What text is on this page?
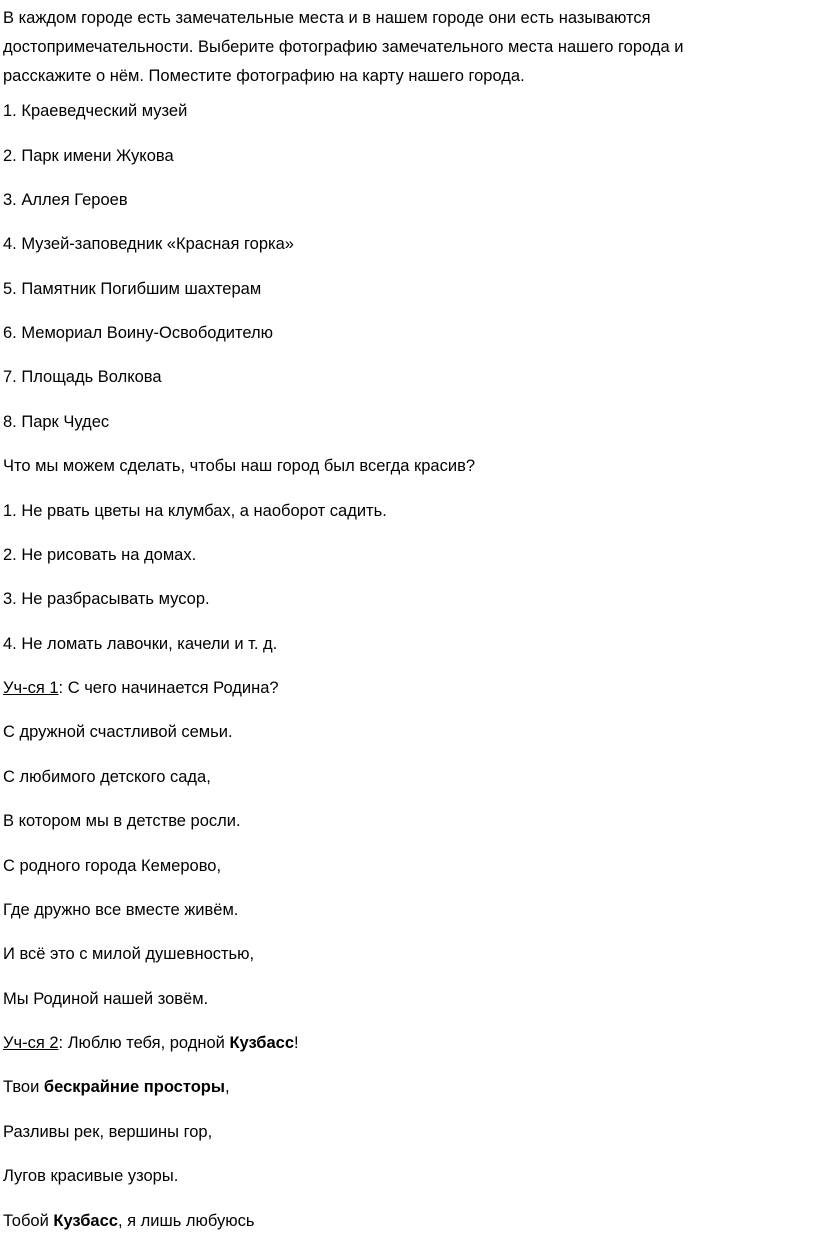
В каждом городе есть замечательные места и в нашем городе они есть называются
достопримечательности. Выберите фотографию замечательного места нашего города и
расскажите о нём. Поместите фотографию на карту нашего города.

1. Краеведческий музей

2. Парк имени Жукова

3. Аллея Героев

4. Музей-заповедник «Красная горка»

5. Памятник Погибшим шахтерам

6. Мемориал Воину-Освободителю

7. Площадь Волкова

8. Парк Чудес

Что мы можем сделать, чтобы наш город был всегда красив?

1. Не рвать цветы на клумбах, а наоборот садить.

2. Не рисовать на домах.

3. Не разбрасывать мусор.

4. Не ломать лавочки, качели и т. д.

Уч-ся 1: С чего начинается Родина?

С дружной счастливой семьи.

С любимого детского сада,

В котором мы в детстве росли.

С родного города Кемерово,

Где дружно все вместе живём.

И всё это с милой душевностью,

Мы Родиной нашей зовём.

Уч-ся 2: Люблю тебя, родной Кузбасс!

Твои бескрайние просторы,

Разливы рек, вершины гор,

Лугов красивые узоры.

Тобой Кузбасс, я лишь любуюсь
